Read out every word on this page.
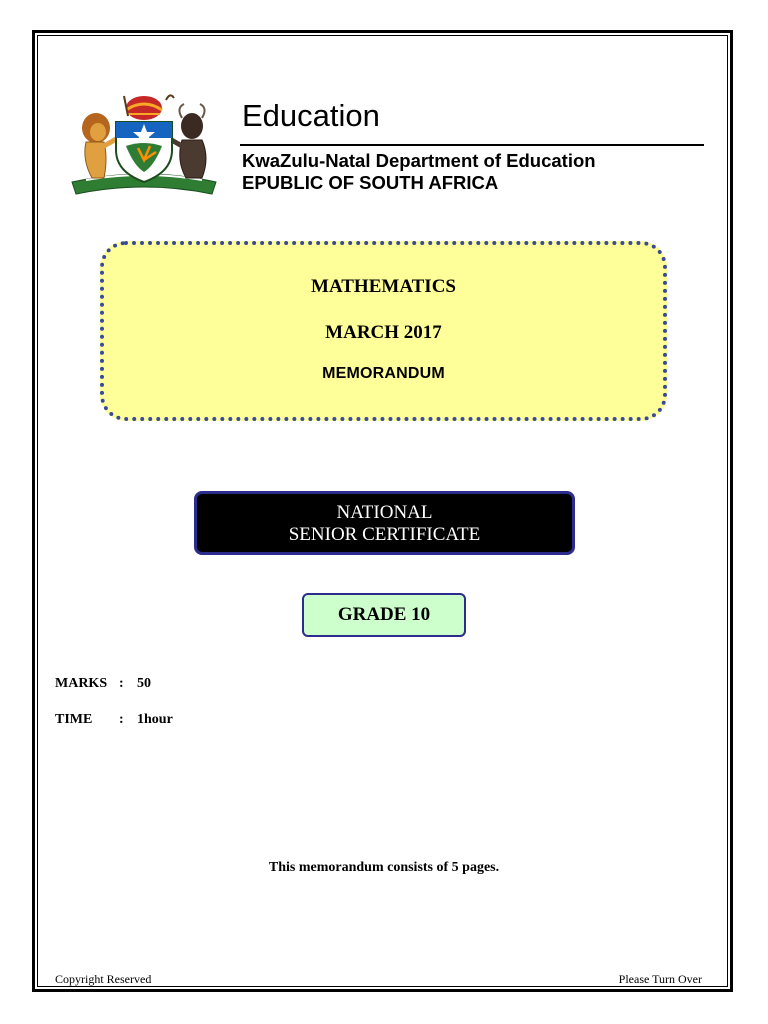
Education
KwaZulu-Natal Department of Education
EPUBLIC OF SOUTH AFRICA
MATHEMATICS
MARCH 2017
MEMORANDUM
NATIONAL
SENIOR CERTIFICATE
GRADE 10
MARKS : 50
TIME : 1hour
This memorandum consists of 5 pages.
Copyright Reserved	Please Turn Over
